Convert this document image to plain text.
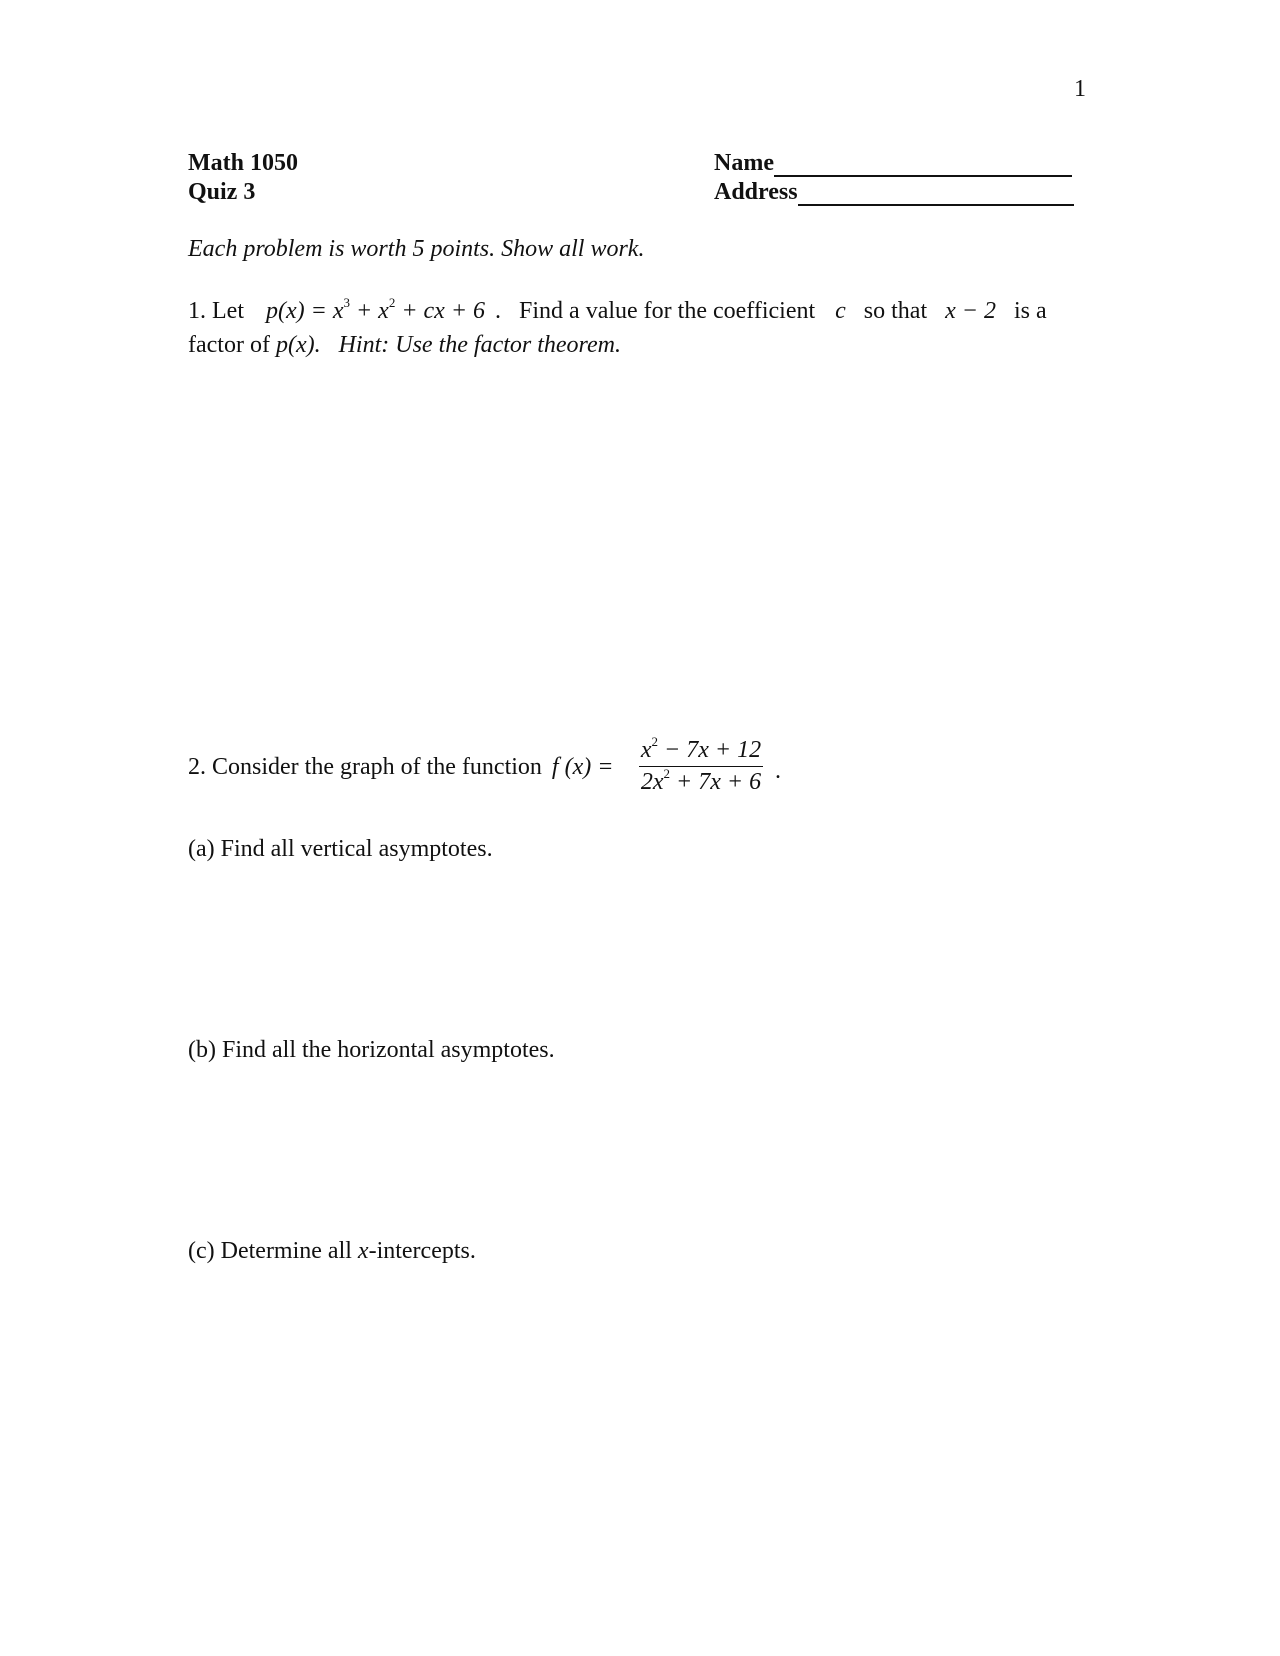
1
Math 1050
Quiz 3
Name
Address
Each problem is worth 5 points. Show all work.
1. Let $p(x) = x^3 + x^2$ + cx + 6 . Find a value for the coefficient c so that x − 2 is a
factor of p(x). Hint: Use the factor theorem.
2. Consider the graph of the function f (x) =
$x^2 - 7x + 12$
$2x^2 + 7x + 6$ .
(a) Find all vertical asymptotes.
(b) Find all the horizontal asymptotes.
(c) Determine all x-intercepts.
